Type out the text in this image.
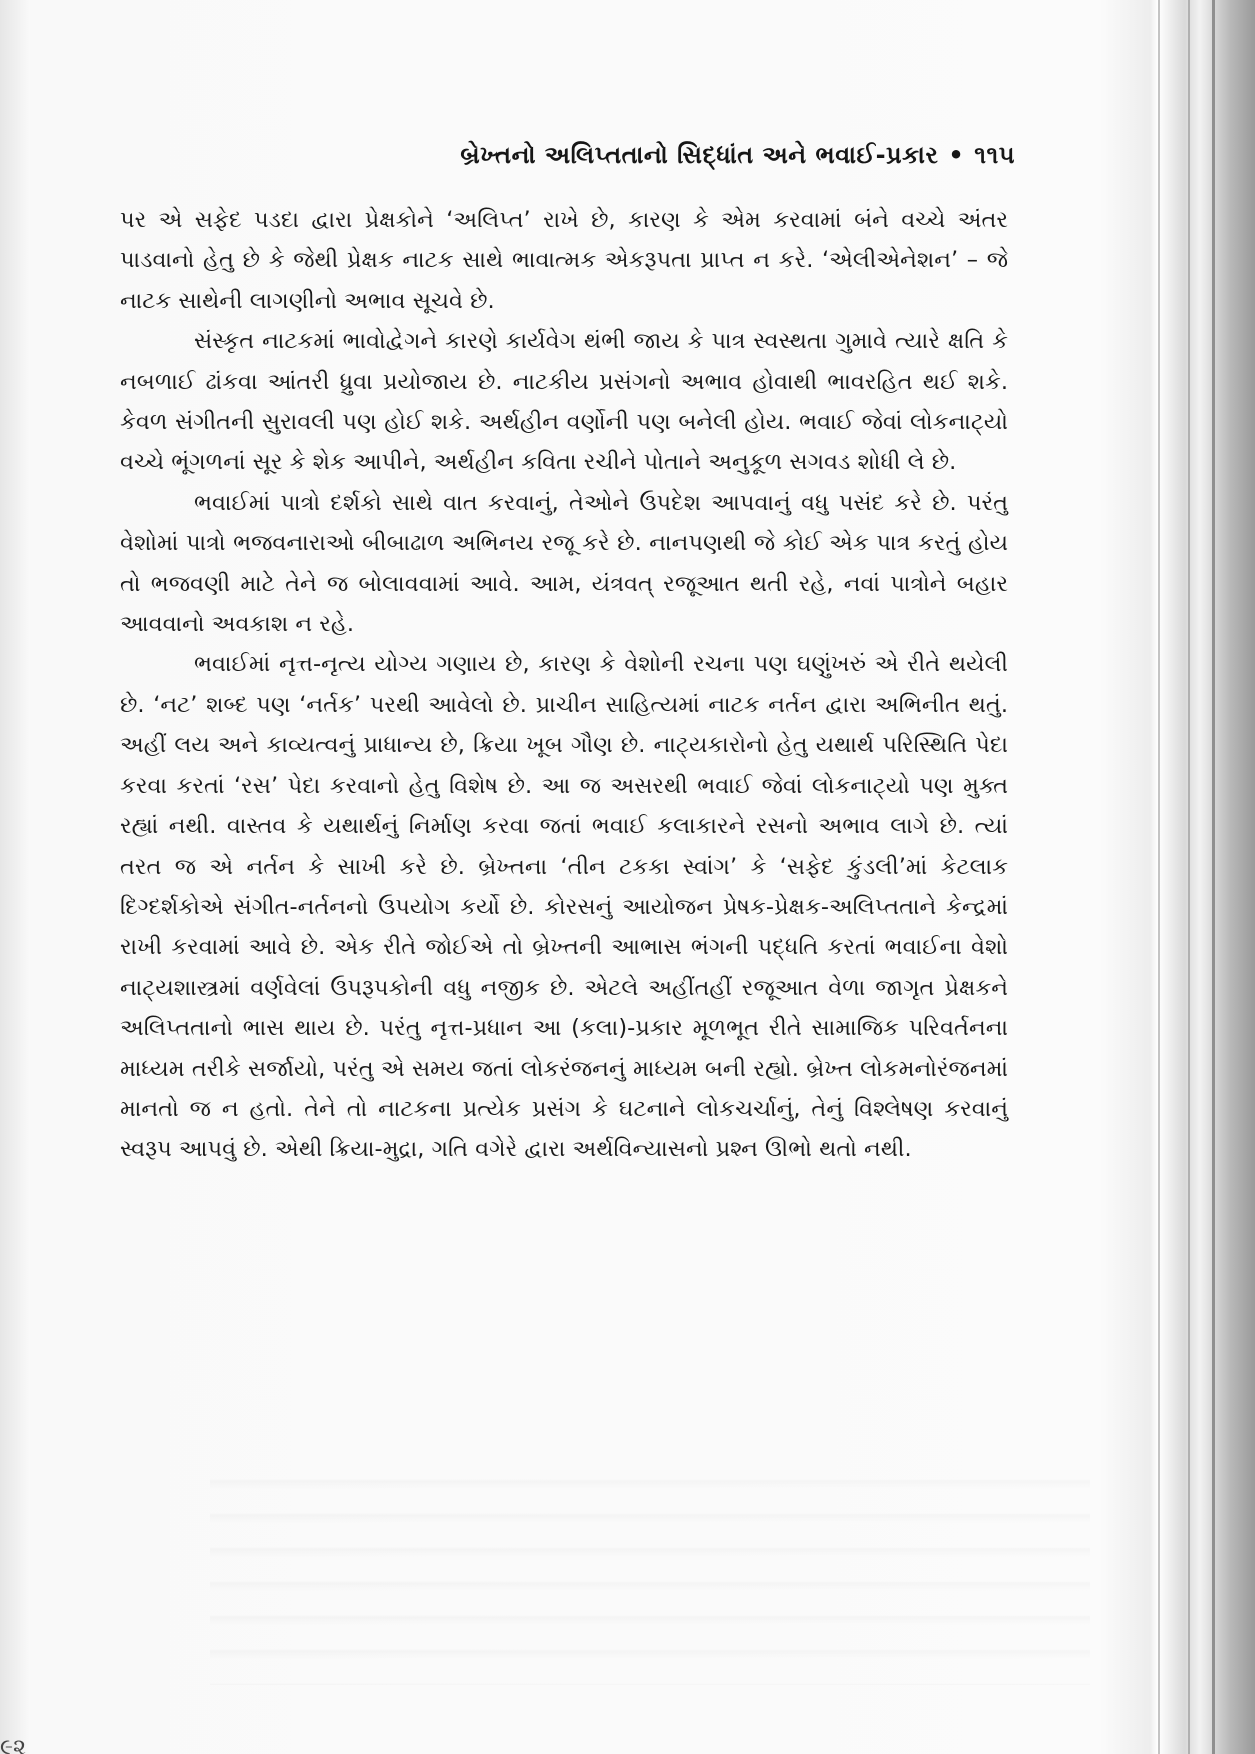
બ્રેખ્તનો અલિપ્તતાનો સિદ્ધાંત અને ભવાઈ-પ્રકાર • ૧૧૫

પર એ સફેદ પડદા દ્વારા પ્રેક્ષકોને ‘અલિપ્ત’ રાખે છે, કારણ કે એમ કરવામાં બંને વચ્ચે અંતર પાડવાનો હેતુ છે કે જેથી પ્રેક્ષક નાટક સાથે ભાવાત્મક એકરૂપતા પ્રાપ્ત ન કરે. ‘એલીએનેશન’ – જે નાટક સાથેની લાગણીનો અભાવ સૂચવે છે.

સંસ્કૃત નાટકમાં ભાવોદ્વેગને કારણે કાર્યવેગ થંભી જાય કે પાત્ર સ્વસ્થતા ગુમાવે ત્યારે ક્ષતિ કે નબળાઈ ઢાંકવા આંતરી ધ્રુવા પ્રયોજાય છે. નાટકીય પ્રસંગનો અભાવ હોવાથી ભાવરહિત થઈ શકે. કેવળ સંગીતની સુરાવલી પણ હોઈ શકે. અર્થહીન વર્ણોની પણ બનેલી હોય. ભવાઈ જેવાં લોકનાટ્યો વચ્ચે ભૂંગળનાં સૂર કે શેક આપીને, અર્થહીન કવિતા રચીને પોતાને અનુકૂળ સગવડ શોધી લે છે.

ભવાઈમાં પાત્રો દર્શકો સાથે વાત કરવાનું, તેઓને ઉપદેશ આપવાનું વધુ પસંદ કરે છે. પરંતુ વેશોમાં પાત્રો ભજવનારાઓ બીબાઢાળ અભિનય રજૂ કરે છે. નાનપણથી જે કોઈ એક પાત્ર કરતું હોય તો ભજવણી માટે તેને જ બોલાવવામાં આવે. આમ, યંત્રવત્ રજૂઆત થતી રહે, નવાં પાત્રોને બહાર આવવાનો અવકાશ ન રહે.

ભવાઈમાં નૃત્ત-નૃત્ય યોગ્ય ગણાય છે, કારણ કે વેશોની રચના પણ ઘણુંખરું એ રીતે થયેલી છે. ‘નટ’ શબ્દ પણ ‘નર્તક’ પરથી આવેલો છે. પ્રાચીન સાહિત્યમાં નાટક નર્તન દ્વારા અભિનીત થતું. અહીં લય અને કાવ્યત્વનું પ્રાધાન્ય છે, ક્રિયા ખૂબ ગૌણ છે. નાટ્યકારોનો હેતુ યથાર્થ પરિસ્થિતિ પેદા કરવા કરતાં ‘રસ’ પેદા કરવાનો હેતુ વિશેષ છે. આ જ અસરથી ભવાઈ જેવાં લોકનાટ્યો પણ મુક્ત રહ્યાં નથી. વાસ્તવ કે યથાર્થનું નિર્માણ કરવા જતાં ભવાઈ કલાકારને રસનો અભાવ લાગે છે. ત્યાં તરત જ એ નર્તન કે સાખી કરે છે. બ્રેખ્તના ‘તીન ટકકા સ્વાંગ’ કે ‘સફેદ કુંડલી’માં કેટલાક દિગ્દર્શકોએ સંગીત-નર્તનનો ઉપયોગ કર્યો છે. કોરસનું આયોજન પ્રેષક-પ્રેક્ષક-અલિપ્તતાને કેન્દ્રમાં રાખી કરવામાં આવે છે. એક રીતે જોઈએ તો બ્રેખ્તની આભાસ ભંગની પદ્ધતિ કરતાં ભવાઈના વેશો નાટ્યશાસ્ત્રમાં વર્ણવેલાં ઉપરૂપકોની વધુ નજીક છે. એટલે અહીંતહીં રજૂઆત વેળા જાગૃત પ્રેક્ષકને અલિપ્તતાનો ભાસ થાય છે. પરંતુ નૃત્ત-પ્રધાન આ (કલા)-પ્રકાર મૂળભૂત રીતે સામાજિક પરિવર્તનના માધ્યમ તરીકે સર્જાયો, પરંતુ એ સમય જતાં લોકરંજનનું માધ્યમ બની રહ્યો. બ્રેખ્ત લોકમનોરંજનમાં માનતો જ ન હતો. તેને તો નાટકના પ્રત્યેક પ્રસંગ કે ઘટનાને લોકચર્ચાનું, તેનું વિશ્લેષણ કરવાનું સ્વરૂપ આપવું છે. એથી ક્રિયા-મુદ્રા, ગતિ વગેરે દ્વારા અર્થવિન્યાસનો પ્રશ્ન ઊભો થતો નથી.

૯૨
